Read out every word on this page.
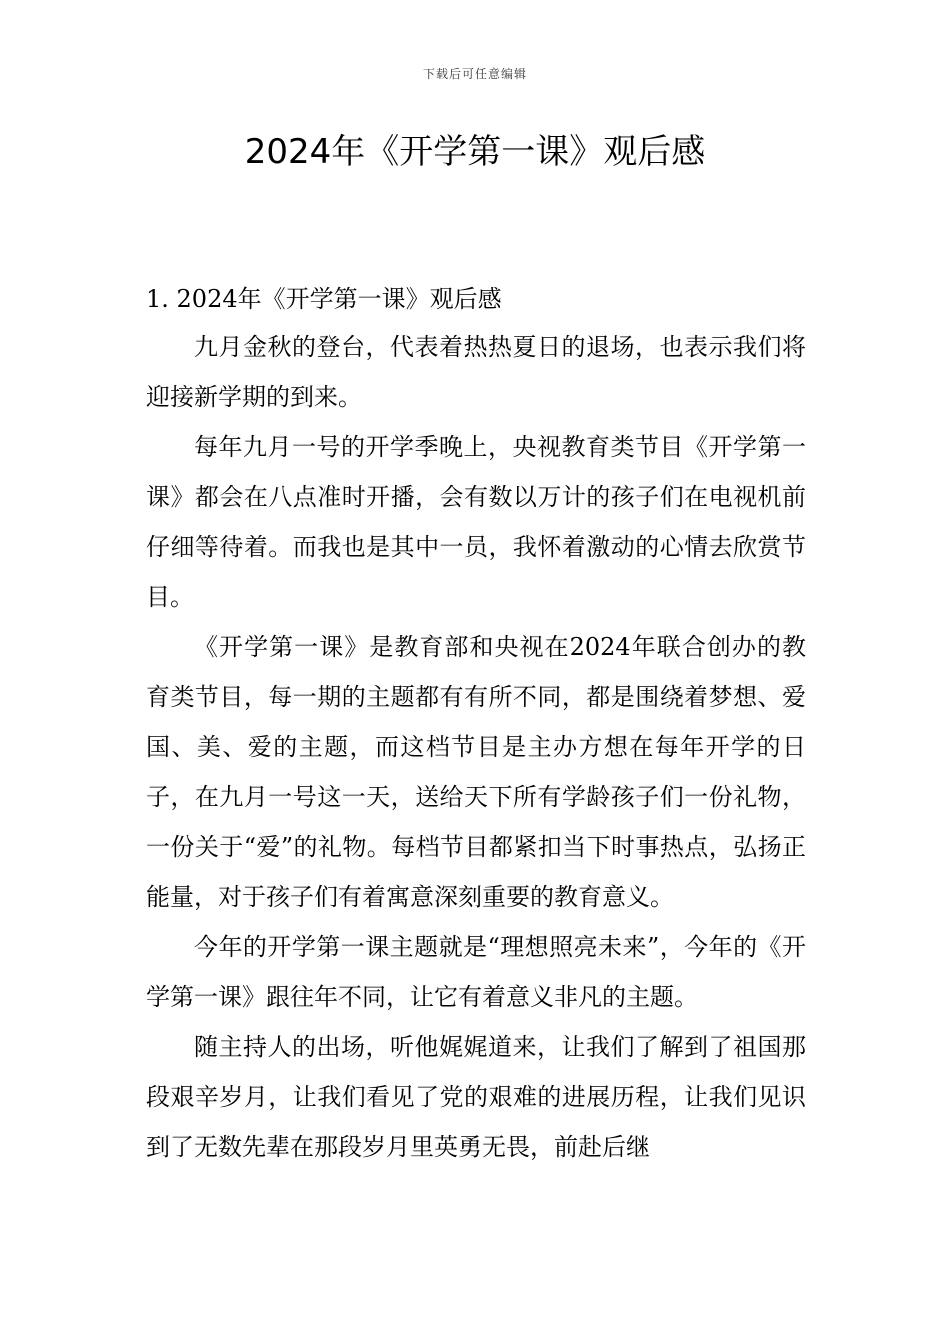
下载后可任意编辑
2024年《开学第一课》观后感
1. 2024年《开学第一课》观后感

九月金秋的登台，代表着热热夏日的退场，也表示我们将迎接新学期的到来。

每年九月一号的开学季晚上，央视教育类节目《开学第一课》都会在八点准时开播，会有数以万计的孩子们在电视机前仔细等待着。而我也是其中一员，我怀着激动的心情去欣赏节目。

《开学第一课》是教育部和央视在2024年联合创办的教育类节目，每一期的主题都有有所不同，都是围绕着梦想、爱国、美、爱的主题，而这档节目是主办方想在每年开学的日子，在九月一号这一天，送给天下所有学龄孩子们一份礼物，一份关于“爱”的礼物。每档节目都紧扣当下时事热点，弘扬正能量，对于孩子们有着寓意深刻重要的教育意义。

今年的开学第一课主题就是“理想照亮未来”，今年的《开学第一课》跟往年不同，让它有着意义非凡的主题。

随主持人的出场，听他娓娓道来，让我们了解到了祖国那段艰辛岁月，让我们看见了党的艰难的进展历程，让我们见识到了无数先辈在那段岁月里英勇无畏，前赴后继
